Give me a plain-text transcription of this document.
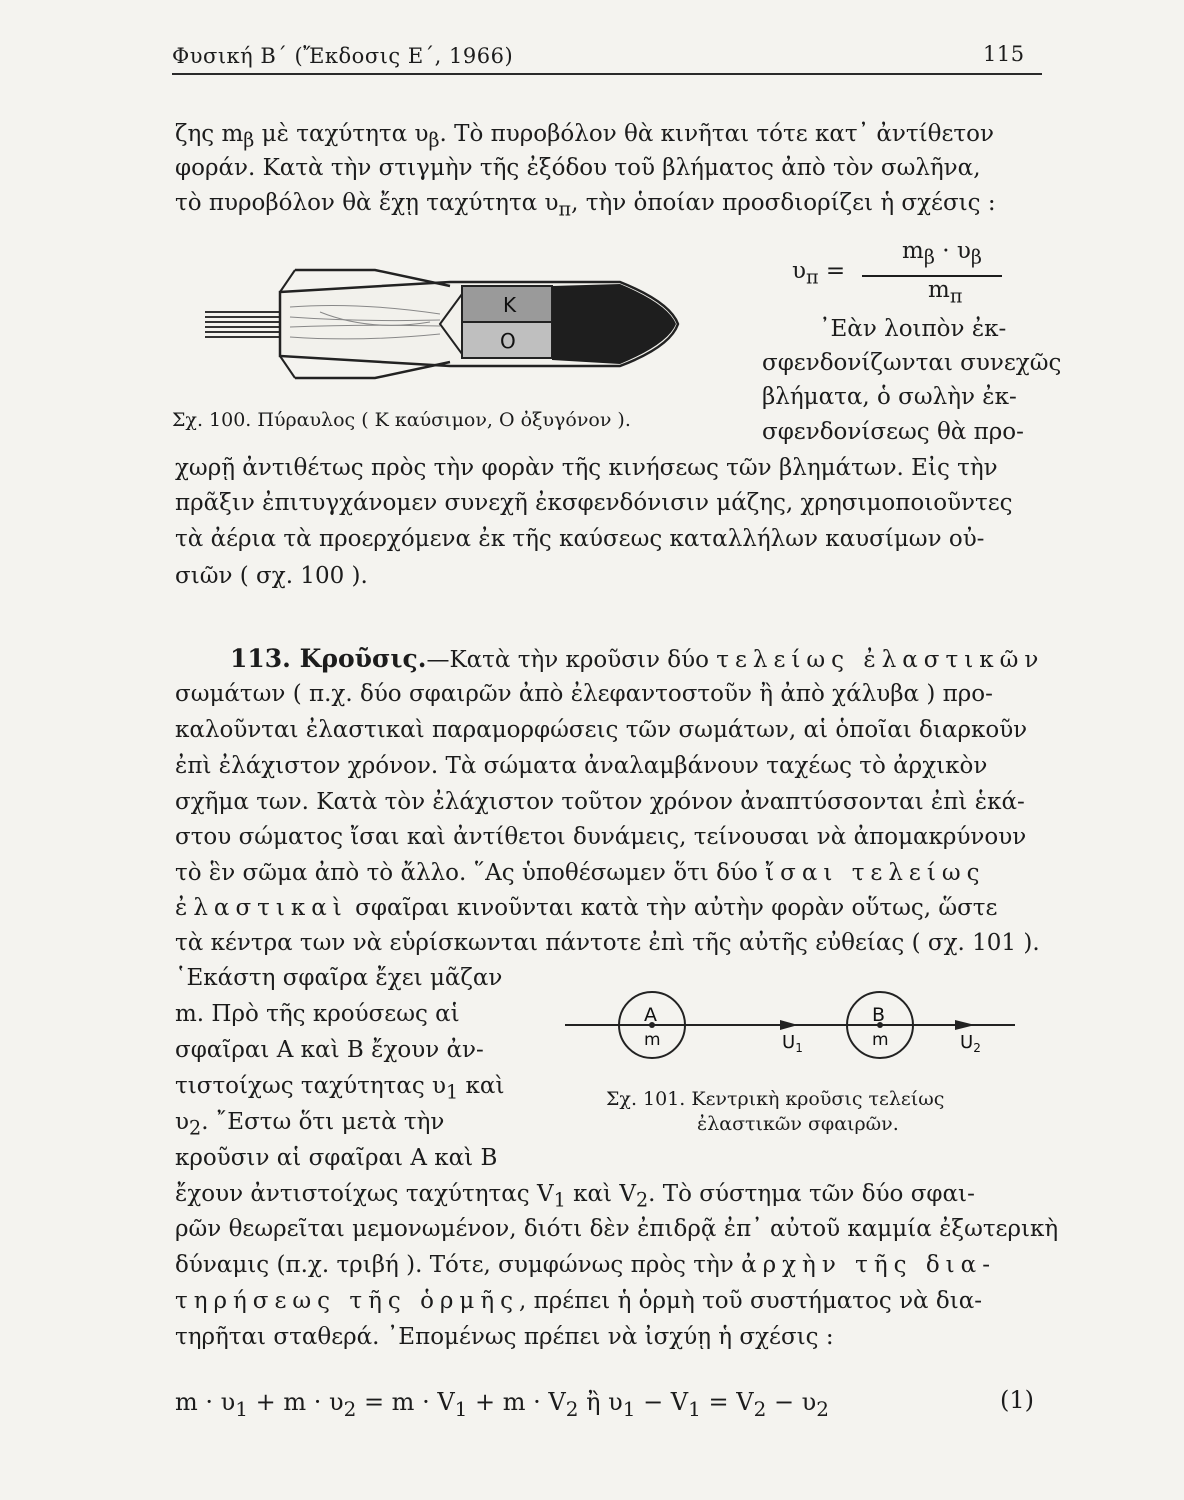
Φυσική Β΄ (Ἔκδοσις Ε΄, 1966)	115
ζης $m_\beta$ μὲ ταχύτητα $\upsilon_\beta$. Τὸ πυροβόλον θὰ κινῆται τότε κατ᾿ ἀντίθετον
φοράν. Κατὰ τὴν στιγμὴν τῆς ἐξόδου τοῦ βλήματος ἀπὸ τὸν σωλῆνα,
τὸ πυροβόλον θὰ ἔχῃ ταχύτητα $\upsilon_\pi$, τὴν ὁποίαν προσδιορίζει ἡ σχέσις :
$\upsilon_\pi$ =
$m_\beta \cdot \upsilon_\beta$
$m_\pi$
Κ
Ο
Σχ. 100. Πύραυλος ( Κ καύσιμον, Ο ὀξυγόνον ).
᾿Εὰν λοιπὸν ἐκ-
σφενδονίζωνται συνεχῶς
βλήματα, ὁ σωλὴν ἐκ-
σφενδονίσεως θὰ προ-
χωρῇ ἀντιθέτως πρὸς τὴν φορὰν τῆς κινήσεως τῶν βλημάτων. Εἰς τὴν
πρᾶξιν ἐπιτυγχάνομεν συνεχῆ ἐκσφενδόνισιν μάζης, χρησιμοποιοῦντες
τὰ ἀέρια τὰ προερχόμενα ἐκ τῆς καύσεως καταλλήλων καυσίμων οὐ-
σιῶν ( σχ. 100 ).
113. Κροῦσις.—Κατὰ τὴν κροῦσιν δύο τελείως ἐλαστικῶν
σωμάτων ( π.χ. δύο σφαιρῶν ἀπὸ ἐλεφαντοστοῦν ἢ ἀπὸ χάλυβα ) προ-
καλοῦνται ἐλαστικαὶ παραμορφώσεις τῶν σωμάτων, αἱ ὁποῖαι διαρκοῦν
ἐπὶ ἐλάχιστον χρόνον. Τὰ σώματα ἀναλαμβάνουν ταχέως τὸ ἀρχικὸν
σχῆμα των. Κατὰ τὸν ἐλάχιστον τοῦτον χρόνον ἀναπτύσσονται ἐπὶ ἑκά-
στου σώματος ἴσαι καὶ ἀντίθετοι δυνάμεις, τείνουσαι νὰ ἀπομακρύνουν
τὸ ἓν σῶμα ἀπὸ τὸ ἄλλο. ῞Ας ὑποθέσωμεν ὅτι δύο ἴσαι τελείως
ἐλαστικαὶ σφαῖραι κινοῦνται κατὰ τὴν αὐτὴν φορὰν οὕτως, ὥστε
τὰ κέντρα των νὰ εὑρίσκωνται πάντοτε ἐπὶ τῆς αὐτῆς εὐθείας ( σχ. 101 ).
῾Εκάστη σφαῖρα ἔχει μᾶζαν
m. Πρὸ τῆς κρούσεως αἱ
σφαῖραι Α καὶ Β ἔχουν ἀν-
τιστοίχως ταχύτητας $\upsilon_1$ καὶ
$\upsilon_2$. ῎Εστω ὅτι μετὰ τὴν
κροῦσιν αἱ σφαῖραι Α καὶ Β
A	B
m	m
$U_1$	$U_2$
Σχ. 101. Κεντρικὴ κροῦσις τελείως
ἐλαστικῶν σφαιρῶν.
ἔχουν ἀντιστοίχως ταχύτητας $V_1$ καὶ $V_2$. Τὸ σύστημα τῶν δύο σφαι-
ρῶν θεωρεῖται μεμονωμένον, διότι δὲν ἐπιδρᾷ ἐπ᾿ αὐτοῦ καμμία ἐξωτερικὴ
δύναμις (π.χ. τριβή ). Τότε, συμφώνως πρὸς τὴν ἀρχὴν τῆς δια-
τηρήσεως τῆς ὁρμῆς, πρέπει ἡ ὁρμὴ τοῦ συστήματος νὰ δια-
τηρῆται σταθερά. ᾿Επομένως πρέπει νὰ ἰσχύῃ ἡ σχέσις :
$m \cdot \upsilon_1 + m \cdot \upsilon_2 = m \cdot V_1 + m \cdot V_2$ ἢ $\upsilon_1 - V_1 = V_2 - \upsilon_2$	(1)
